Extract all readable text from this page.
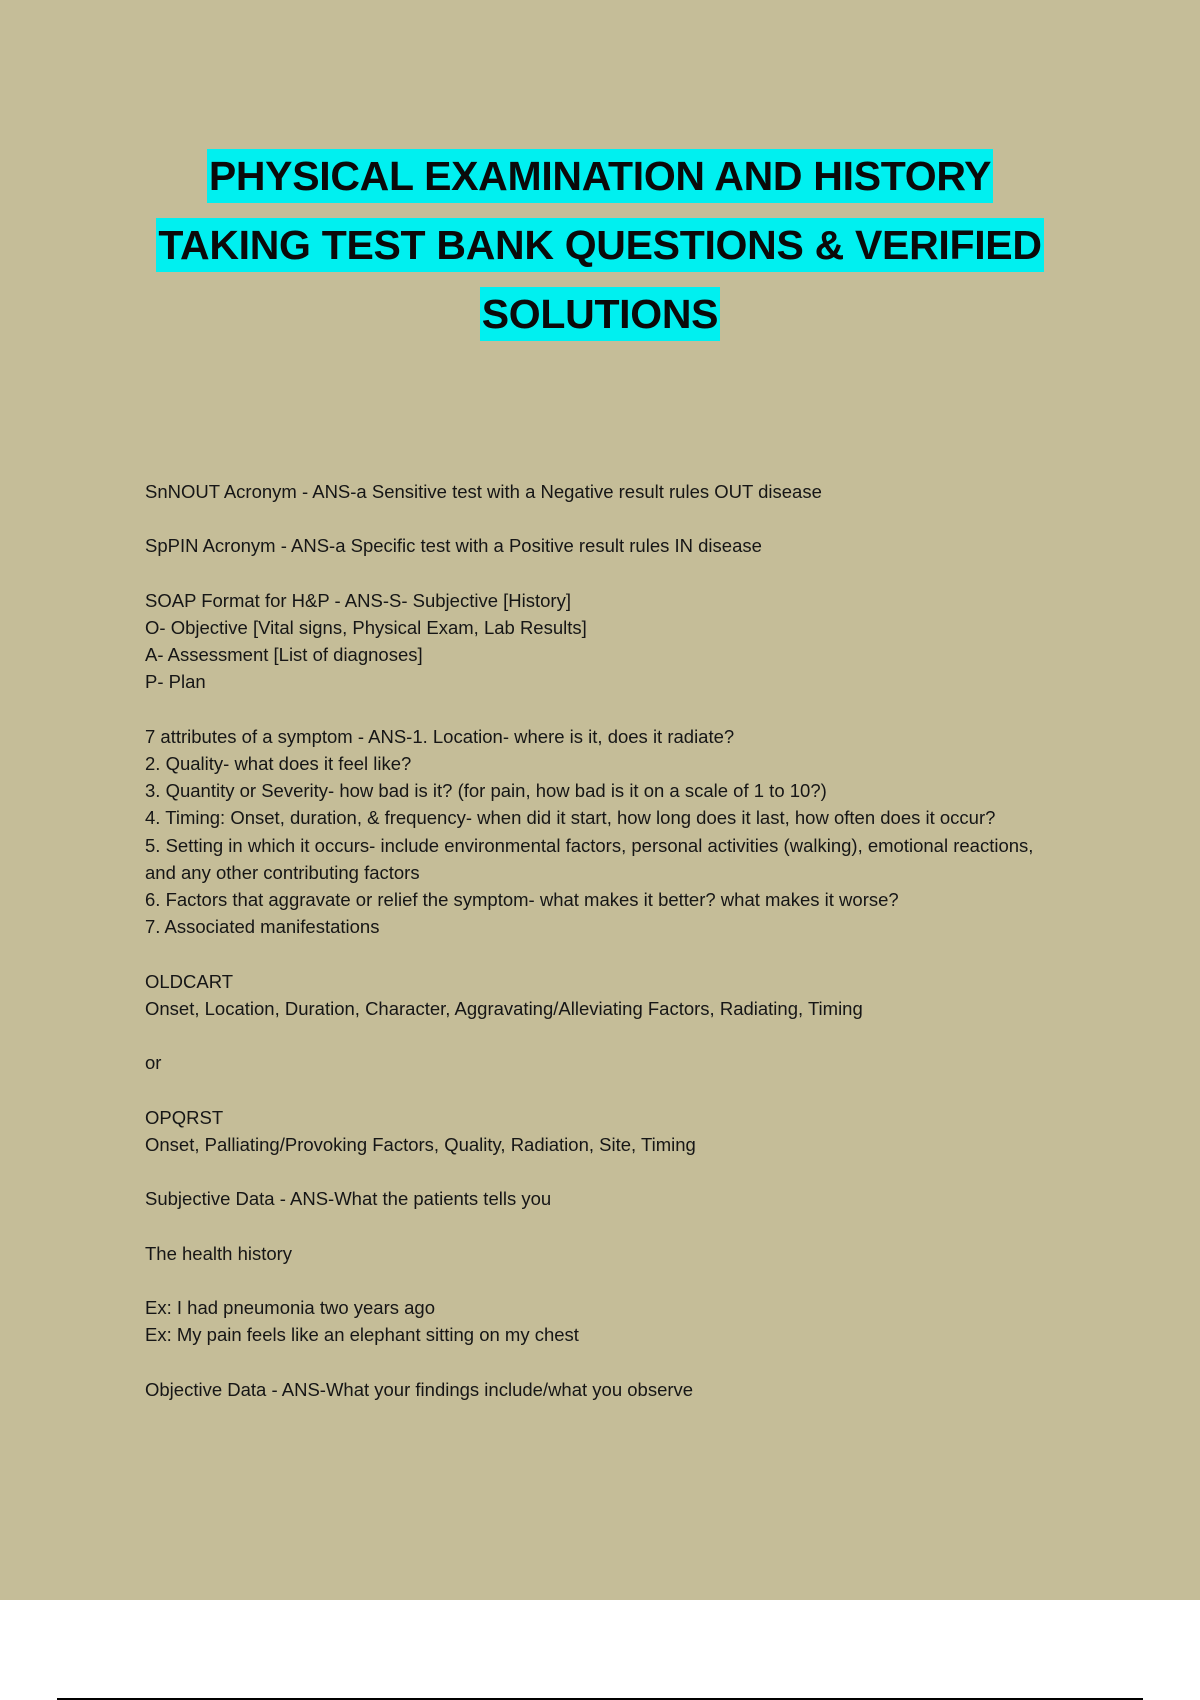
PHYSICAL EXAMINATION AND HISTORY
TAKING TEST BANK QUESTIONS & VERIFIED
SOLUTIONS
SnNOUT Acronym - ANS-a Sensitive test with a Negative result rules OUT disease
SpPIN Acronym - ANS-a Specific test with a Positive result rules IN disease
SOAP Format for H&P - ANS-S- Subjective [History]
O- Objective [Vital signs, Physical Exam, Lab Results]
A- Assessment [List of diagnoses]
P- Plan
7 attributes of a symptom - ANS-1. Location- where is it, does it radiate?
2. Quality- what does it feel like?
3. Quantity or Severity- how bad is it? (for pain, how bad is it on a scale of 1 to 10?)
4. Timing: Onset, duration, & frequency- when did it start, how long does it last, how often does it occur?
5. Setting in which it occurs- include environmental factors, personal activities (walking), emotional reactions, and any other contributing factors
6. Factors that aggravate or relief the symptom- what makes it better? what makes it worse?
7. Associated manifestations
OLDCART
Onset, Location, Duration, Character, Aggravating/Alleviating Factors, Radiating, Timing
or
OPQRST
Onset, Palliating/Provoking Factors, Quality, Radiation, Site, Timing
Subjective Data - ANS-What the patients tells you
The health history
Ex: I had pneumonia two years ago
Ex: My pain feels like an elephant sitting on my chest
Objective Data - ANS-What your findings include/what you observe
